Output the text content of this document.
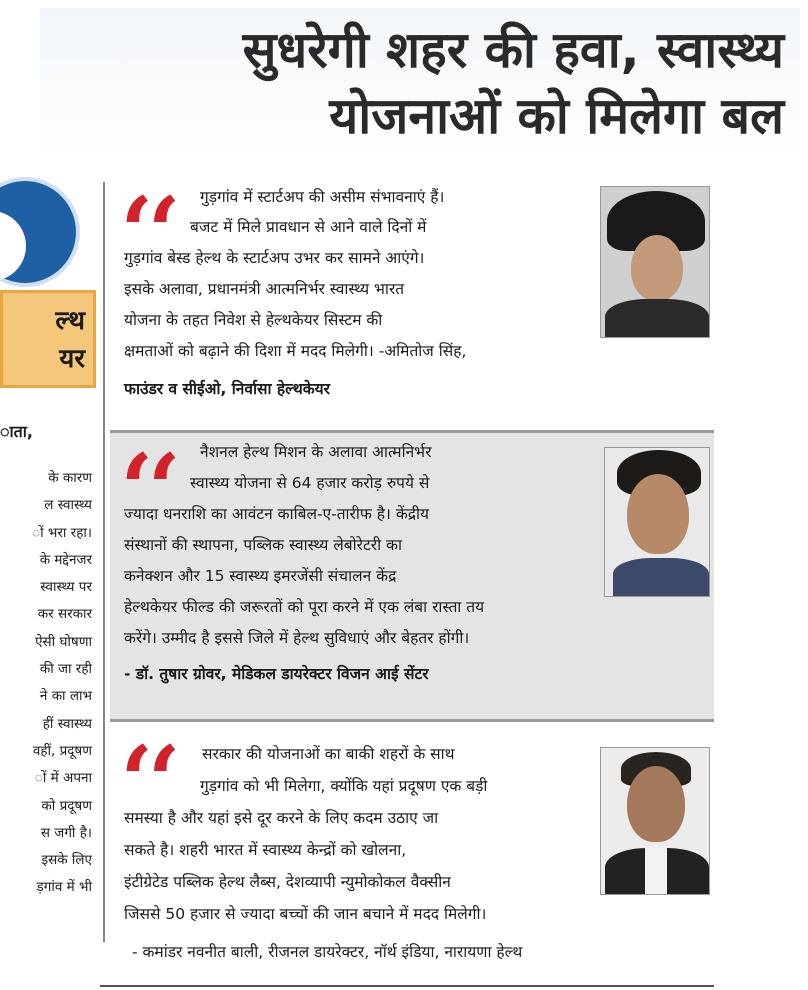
सुधरेगी शहर की हवा, स्वास्थ्य
योजनाओं को मिलेगा बल
✚
ल्थ
यर
ाता,
के कारण
ल स्वास्थ्य
ों भरा रहा।
के मद्देनजर
स्वास्थ्य पर
कर सरकार
ऐसी घोषणा
की जा रही
ने का लाभ
हीं स्वास्थ्य
वहीं, प्रदूषण
ों में अपना
को प्रदूषण
स जगी है।
इसके लिए
ड़गांव में भी
‘‘ गुड़गांव में स्टार्टअप की असीम संभावनाएं हैं।
बजट में मिले प्रावधान से आने वाले दिनों में
गुड़गांव बेस्ड हेल्थ के स्टार्टअप उभर कर सामने आएंगे।
इसके अलावा, प्रधानमंत्री आत्मनिर्भर स्वास्थ्य भारत
योजना के तहत निवेश से हेल्थकेयर सिस्टम की
क्षमताओं को बढ़ाने की दिशा में मदद मिलेगी। -अमितोज सिंह,
फाउंडर व सीईओ, निर्वासा हेल्थकेयर
‘‘ नैशनल हेल्थ मिशन के अलावा आत्मनिर्भर
स्वास्थ्य योजना से 64 हजार करोड़ रुपये से
ज्यादा धनराशि का आवंटन काबिल-ए-तारीफ है। केंद्रीय
संस्थानों की स्थापना, पब्लिक स्वास्थ्य लेबोरेटरी का
कनेक्शन और 15 स्वास्थ्य इमरजेंसी संचालन केंद्र
हेल्थकेयर फील्ड की जरूरतों को पूरा करने में एक लंबा रास्ता तय
करेंगे। उम्मीद है इससे जिले में हेल्थ सुविधाएं और बेहतर होंगी।
- डॉ. तुषार ग्रोवर, मेडिकल डायरेक्टर विजन आई सेंटर
‘‘ सरकार की योजनाओं का बाकी शहरों के साथ
गुड़गांव को भी मिलेगा, क्योंकि यहां प्रदूषण एक बड़ी
समस्या है और यहां इसे दूर करने के लिए कदम उठाए जा
सकते है। शहरी भारत में स्वास्थ्य केन्द्रों को खोलना,
इंटीग्रेटेड पब्लिक हेल्थ लैब्स, देशव्यापी न्युमोकोकल वैक्सीन
जिससे 50 हजार से ज्यादा बच्चों की जान बचाने में मदद मिलेगी।
- कमांडर नवनीत बाली, रीजनल डायरेक्टर, नॉर्थ इंडिया, नारायणा हेल्थ
